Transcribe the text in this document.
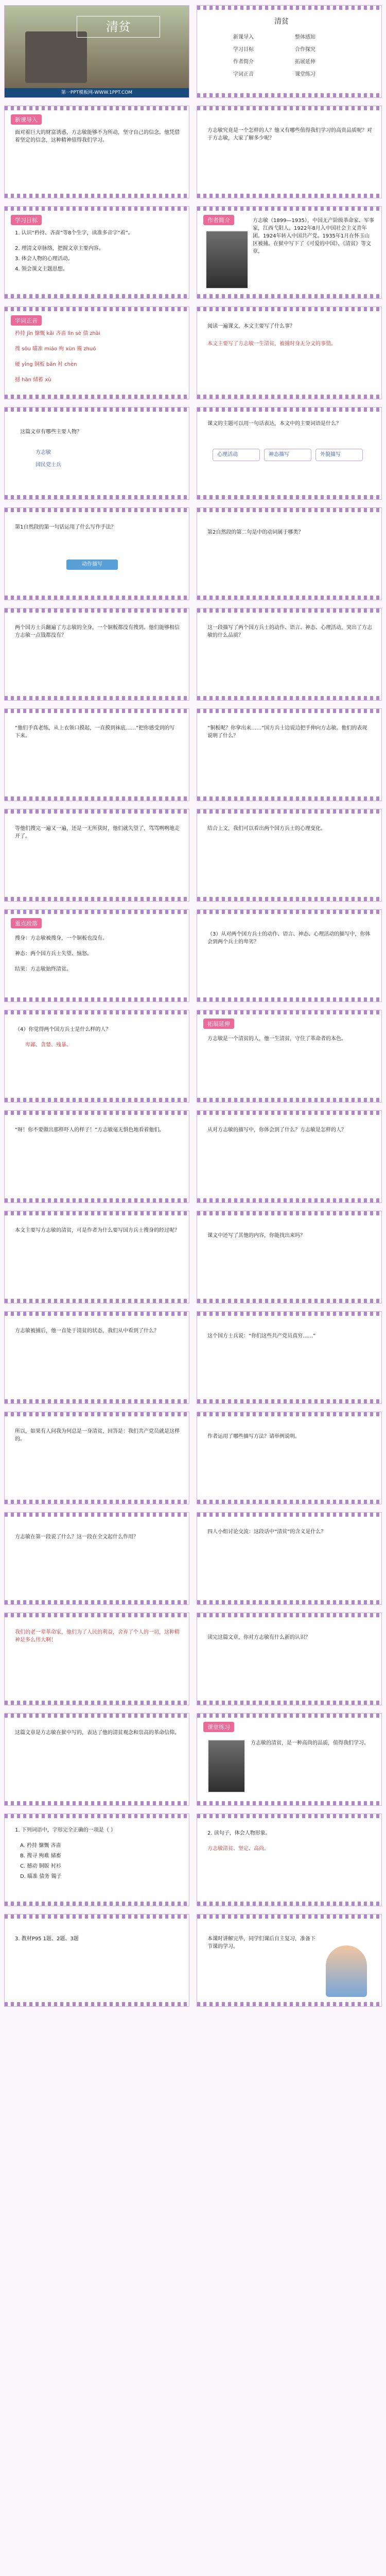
清贫
第一PPT模板网-WWW.1PPT.COM
清贫
新课导入	整体感知
学习目标	合作探究
作者简介	拓展延伸
字词正音	课堂练习
新课导入
面对着巨大的财富诱惑，方志敏能够不为所动，坚守自己的信念。他凭借着坚定的信念，这种精神值得我们学习。
方志敏究竟是一个怎样的人？他又有哪些值得我们学习的高贵品质呢？对于方志敏，大家了解多少呢？
学习目标
1. 认识“矜持、吝啬”等8个生字，读准多音字“着”。
2. 理清文章脉络，把握文章主要内容。
3. 体会人物的心理活动。
4. 领会课文主题思想。
作者简介	方志敏（1899—1935），中国无产阶级革命家、军事家，江西弋阳人。1922年8月入中国社会主义青年团。1924年转入中国共产党。1935年1月在怀玉山区被捕。在狱中写下了《可爱的中国》、《清贫》等文章。
字词正音
矜持 jīn 慷慨 kǎi 吝啬 lìn sè 债 zhài
搜 sōu 瞄准 miáo 殉 xùn 镯 zhuó
硬 yìng 铜板 bǎn 衬 chèn
撼 hàn 储蓄 xù
阅读一遍课文，本文主要写了什么事？
本文主要写了方志敏一生清贫，被捕时身无分文的事情。
这篇文章有哪些主要人物？
方志敏
国民党士兵
课文的主题可以用一句话表达，本文中的主要词语是什么？
心理活动	神态描写	外貌描写
第1自然段的第一句话运用了什么写作手法？
动作描写
第2自然段的第二句是中的动词属于哪类？
两个国方士兵翻遍了方志敏的全身，一个铜板都没有搜到。他们能够相信方志敏一点钱都没有？
这一段描写了两个国方兵士的动作、语言、神态、心理活动，突出了方志敏的什么品质？
“他们手真老练，从上衣领口摸起，一直摸到袜底……”把你感受到的写下来。
“铜板呢？你拿出来……”国方兵士边说边把手伸向方志敏。他们的表现说明了什么？
等他们搜完一遍又一遍，还是一无所获时，他们就失望了，骂骂咧咧地走开了。
结合上文，我们可以看出两个国方兵士的心理变化。
重点段落
搜身：方志敏被搜身，一个铜板也没有。
神态：两个国方兵士失望、恼怒。
结果：方志敏始终清贫。
（3）从对两个国方兵士的动作、语言、神态、心理活动的描写中，你体会到两个兵士的卑劣？
（4）你觉得两个国方兵士是什么样的人？
卑鄙、贪婪、残暴。
拓展延伸
方志敏是一个清贫的人，他一生清贫，守住了革命者的本色。
“呀！你不要做出那样吓人的样子！”方志敏毫无惧色地看着他们。	从对方志敏的描写中，你体会到了什么？方志敏是怎样的人？
本文主要写方志敏的清贫，可是作者为什么要写国方兵士搜身的经过呢？
课文中还写了其他的内容，你能找出来吗？
方志敏被捕后，他一直处于清贫的状态，我们从中看到了什么？
这个国方士兵说：“你们这些共产党员真穷……”
所以，如果有人问我为何总是一身清贫，回答是：我们共产党员就是这样的。	作者运用了哪些描写方法？请举例说明。
方志敏在第一段说了什么？这一段在全文起什么作用？
四人小组讨论交流：这段话中“清贫”的含义是什么？
我们的老一辈革命家，他们为了人民的利益，舍弃了个人的一切，这种精神是多么伟大啊！	读完这篇文章，你对方志敏有什么新的认识？
这篇文章是方志敏在狱中写的，表达了他的清贫观念和崇高的革命信仰。
课堂练习
方志敏的清贫，是一种高尚的品质，值得我们学习。
1. 下列词语中，字形完全正确的一项是（ ）
A. 矜持 慷慨 吝啬
B. 搜寻 殉难 储畜
C. 撼动 铜版 衬衫
D. 瞄准 债务 镯子
2. 读句子，体会人物形象。
方志敏清贫、坚定、高尚。
3. 教材P95 1题、2题、3题	本课时讲解完毕，同学们课后自主复习，准备下节课的学习。
